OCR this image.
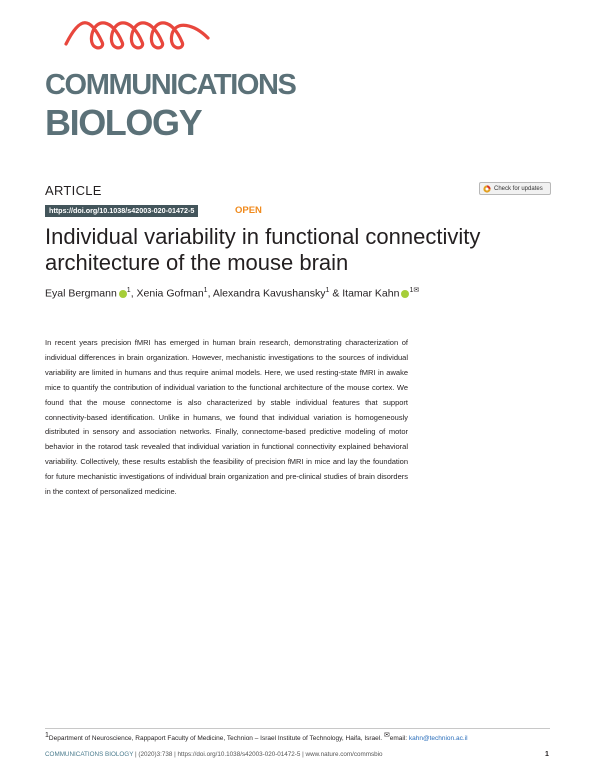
COMMUNICATIONS
BIOLOGY
ARTICLE	Check for updates
https://doi.org/10.1038/s42003-020-01472-5	OPEN
Individual variability in functional connectivity architecture of the mouse brain
Eyal Bergmann $^1$, Xenia Gofman$^1$, Alexandra Kavushansky$^1$ & Itamar Kahn $^{1✉}$

In recent years precision fMRI has emerged in human brain research, demonstrating characterization of individual differences in brain organization. However, mechanistic investigations to the sources of individual variability are limited in humans and thus require animal models. Here, we used resting-state fMRI in awake mice to quantify the contribution of individual variation to the functional architecture of the mouse cortex. We found that the mouse connectome is also characterized by stable individual features that support connectivity-based identification. Unlike in humans, we found that individual variation is homogeneously distributed in sensory and association networks. Finally, connectome-based predictive modeling of motor behavior in the rotarod task revealed that individual variation in functional connectivity explained behavioral variability. Collectively, these results establish the feasibility of precision fMRI in mice and lay the foundation for future mechanistic investigations of individual brain organization and pre-clinical studies of brain disorders in the context of personalized medicine.

$^1$Department of Neuroscience, Rappaport Faculty of Medicine, Technion – Israel Institute of Technology, Haifa, Israel. ✉email: kahn@technion.ac.il
COMMUNICATIONS BIOLOGY | (2020)3:738 | https://doi.org/10.1038/s42003-020-01472-5 | www.nature.com/commsbio	1
